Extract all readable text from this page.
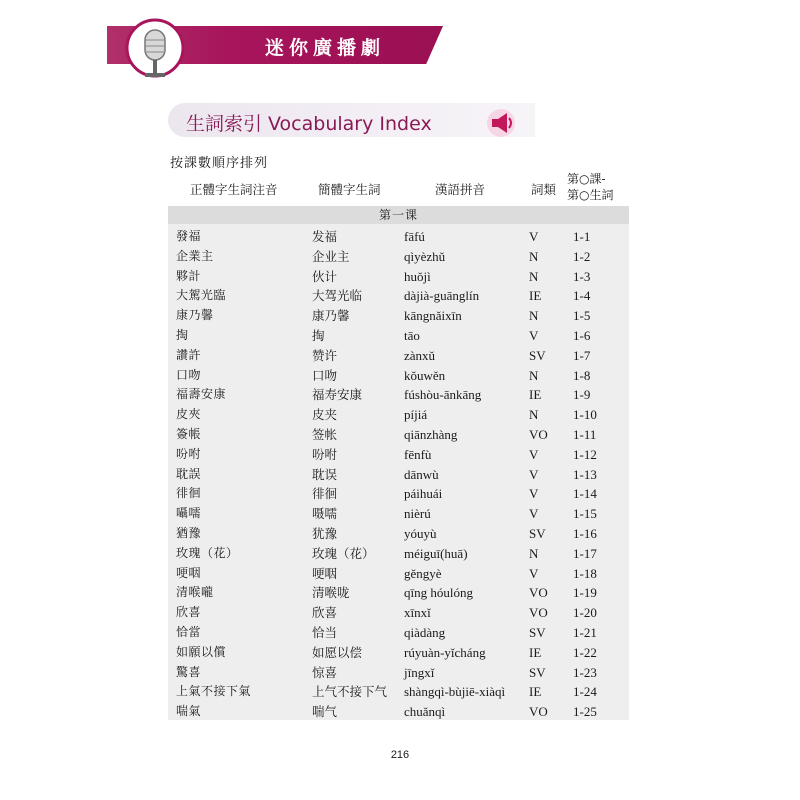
迷你廣播劇
生詞索引 Vocabulary Index
按課數順序排列
正體字生詞注音	簡體字生詞	漢語拼音	詞類
第○課-
第○生詞
第一课
發福	发福	fāfú	V	1-1
企業主	企业主	qìyèzhǔ	N	1-2
夥計	伙计	huǒjì	N	1-3
大駕光臨	大驾光临	dàjià-guānglín	IE 1-4
康乃馨	康乃馨	kāngnǎixīn	N	1-5
掏	掏	tāo	V	1-6
讚許	赞许	zànxǔ	SV 1-7
口吻	口吻	kǒuwěn	N	1-8
福壽安康	福寿安康	fúshòu-ānkāng	IE 1-9
皮夾	皮夹	píjiá	N	1-10
簽帳	签帐	qiānzhàng	VO 1-11
吩咐	吩咐	fēnfù	V	1-12
耽誤	耽误	dānwù	V	1-13
徘徊	徘徊	páihuái	V	1-14
囁嚅	嗫嚅	nièrú	V	1-15
猶豫	犹豫	yóuyù	SV 1-16
玫瑰（花）	玫瑰（花） méiguī(huā)	N	1-17
哽咽	哽咽	gěngyè	V	1-18
清喉嚨	清喉咙	qīng hóulóng	VO 1-19
欣喜	欣喜	xīnxǐ	VO 1-20
恰當	恰当	qiàdàng	SV 1-21
如願以償	如愿以偿	rúyuàn-yǐcháng	IE 1-22
驚喜	惊喜	jīngxǐ	SV 1-23
上氣不接下氣	上气不接下气 shàngqì-bùjiē-xiàqì IE 1-24
喘氣	喘气	chuǎnqì	VO 1-25
216
